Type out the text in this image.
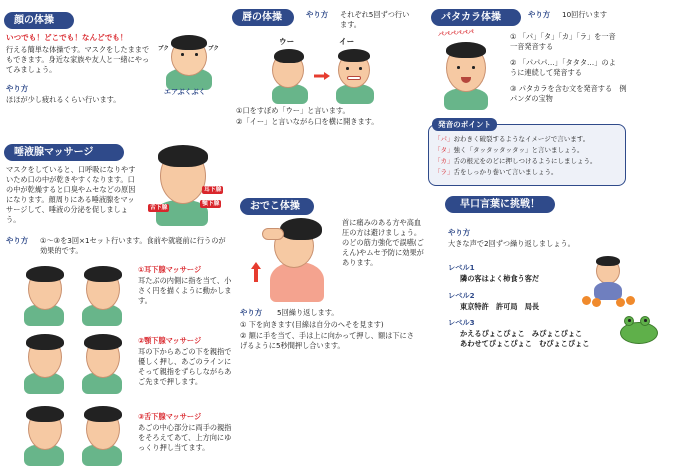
顔の体操
いつでも！どこでも！なんどでも！
行える簡単な体操です。マスクをしたままでもできます。身近な家族や友人と一緒にやってみましょう。
やり方
ほほが少し疲れるくらい行います。
プク	プク
エアぶくぶく
唇の体操	やり方 それぞれ5回ずつ行います。
ウー	イー
①口をすぼめ「ウー」と言います。
②「イー」と言いながら口を横に開きます。
パタカラ体操	やり方 10回行います
パパパパパパ	① 「パ」「タ」「カ」「ラ」を一音一音発音する
② 「パパパ…」「タタタ…」のように連続して発音する
③ パタカラを含む文を発音する　例 パンダの宝物
発音のポイント
「パ」おわきく破裂するようなイメージで言います。
「タ」強く「タッタッタッタッ」と言いましょう。
「カ」舌の根元をのどに押しつけるようにしましょう。
「ラ」舌をしっかり巻いて言いましょう。
唾液腺マッサージ
マスクをしていると、口呼吸になりやすいため口の中が乾きやすくなります。口の中が乾燥すると口臭やムセなどの原因になります。顔周りにある唾液腺をマッサージして、唾液の分泌を促しましょう。
耳下腺
顎下腺
舌下腺
やり方 ①～③を3回×1セット行います。食前や就寝前に行うのが効果的です。
①耳下腺マッサージ
耳たぶの内側に指を当て、小さく円を描くように動かします。
②顎下腺マッサージ
耳の下からあごの下を親指で優しく押し、あごのラインにそって親指をずらしながらあご先まで押します。
③舌下腺マッサージ
あごの中心部分に両手の親指をそろえてあて、上方向にゆっくり押し当てます。
おでこ体操
首に痛みのある方や高血圧の方は避けましょう。のどの筋力強化で誤嚥(ごえん)やムセ予防に効果があります。
やり方 5回繰り返します。
① 下を向きます(目線は自分のへそを見ます)
② 額に手を当て、手は上に向かって押し、額は下にさげるように5秒間押し合います。
早口言葉に挑戦！
やり方
大きな声で2回ずつ繰り返しましょう。
レベル1
隣の客はよく柿食う客だ
レベル2
東京特許　許可局　局長
レベル3
かえるぴょこぴょこ　みぴょこぴょこ
あわせてぴょこぴょこ　むぴょこぴょこ
